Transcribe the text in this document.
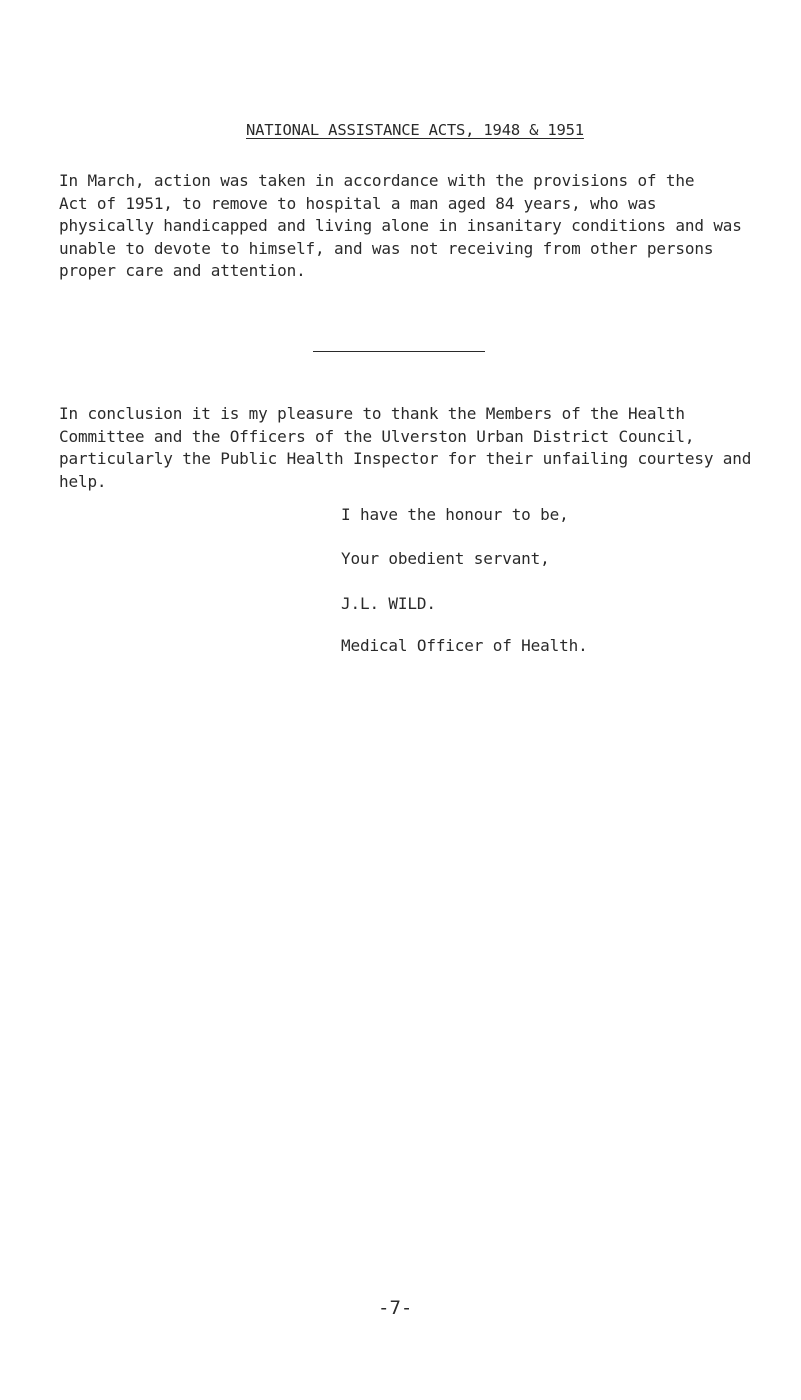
NATIONAL ASSISTANCE ACTS, 1948 & 1951
In March, action was taken in accordance with the provisions of the
Act of 1951, to remove to hospital a man aged 84 years, who was
physically handicapped and living alone in insanitary conditions and was
unable to devote to himself, and was not receiving from other persons
proper care and attention.
In conclusion it is my pleasure to thank the Members of the Health
Committee and the Officers of the Ulverston Urban District Council,
particularly the Public Health Inspector for their unfailing courtesy and
help.
I have the honour to be,
Your obedient servant,
J.L. WILD.
Medical Officer of Health.
-7-
